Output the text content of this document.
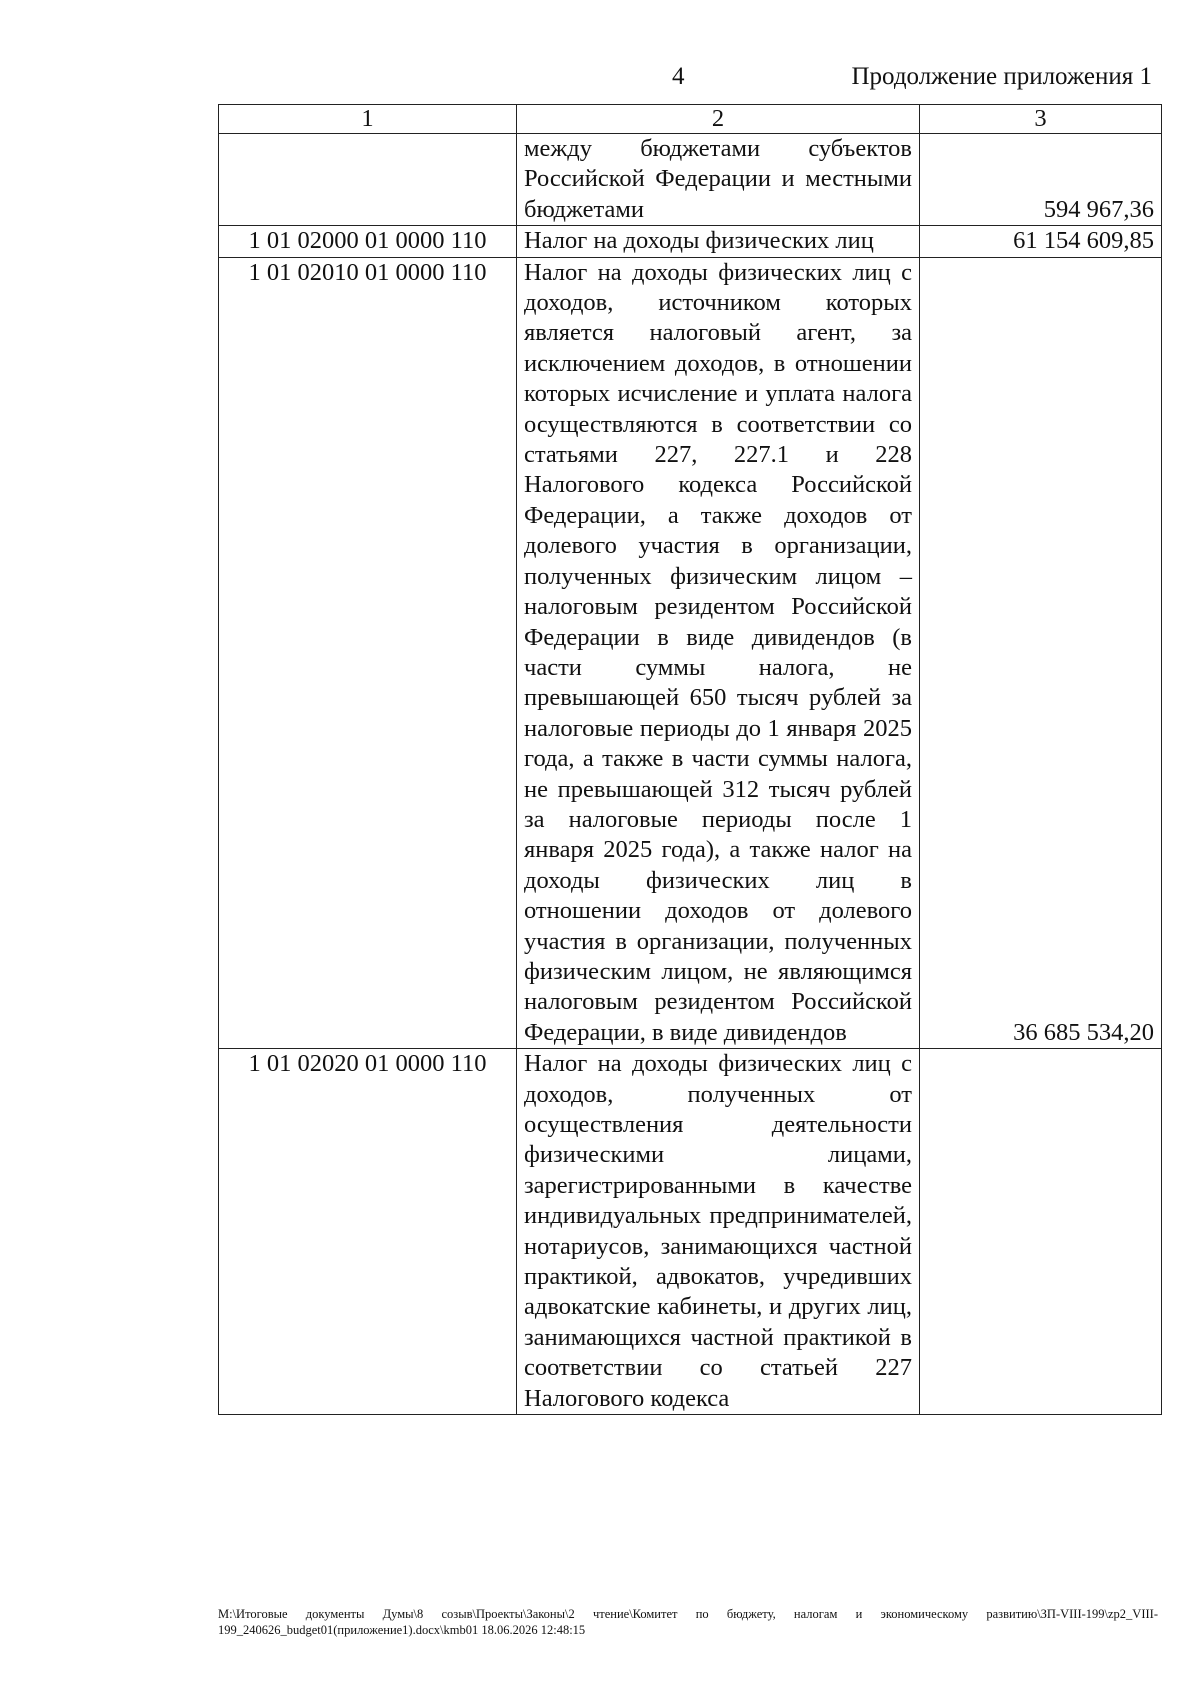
4	Продолжение приложения 1
1	2	3
	между бюджетами субъектов Российской Федерации и местными бюджетами	594 967,36
1 01 02000 01 0000 110	Налог на доходы физических лиц	61 154 609,85
1 01 02010 01 0000 110	Налог на доходы физических лиц с доходов, источником которых является налоговый агент, за исключением доходов, в отношении которых исчисление и уплата налога осуществляются в соответствии со статьями 227, 227.1 и 228 Налогового кодекса Российской Федерации, а также доходов от долевого участия в организации, полученных физическим лицом – налоговым резидентом Российской Федерации в виде дивидендов (в части суммы налога, не превышающей 650 тысяч рублей за налоговые периоды до 1 января 2025 года, а также в части суммы налога, не превышающей 312 тысяч рублей за налоговые периоды после 1 января 2025 года), а также налог на доходы физических лиц в отношении доходов от долевого участия в организации, полученных физическим лицом, не являющимся налоговым резидентом Российской Федерации, в виде дивидендов	36 685 534,20
1 01 02020 01 0000 110	Налог на доходы физических лиц с доходов, полученных от осуществления деятельности физическими лицами, зарегистрированными в качестве индивидуальных предпринимателей, нотариусов, занимающихся частной практикой, адвокатов, учредивших адвокатские кабинеты, и других лиц, занимающихся частной практикой в соответствии со статьей 227 Налогового кодекса	
M:\Итоговые документы Думы\8 созыв\Проекты\Законы\2 чтение\Комитет по бюджету, налогам и экономическому развитию\ЗП-VIII-199\zp2_VIII-199_240626_budget01(приложение1).docx\kmb01 18.06.2026 12:48:15
